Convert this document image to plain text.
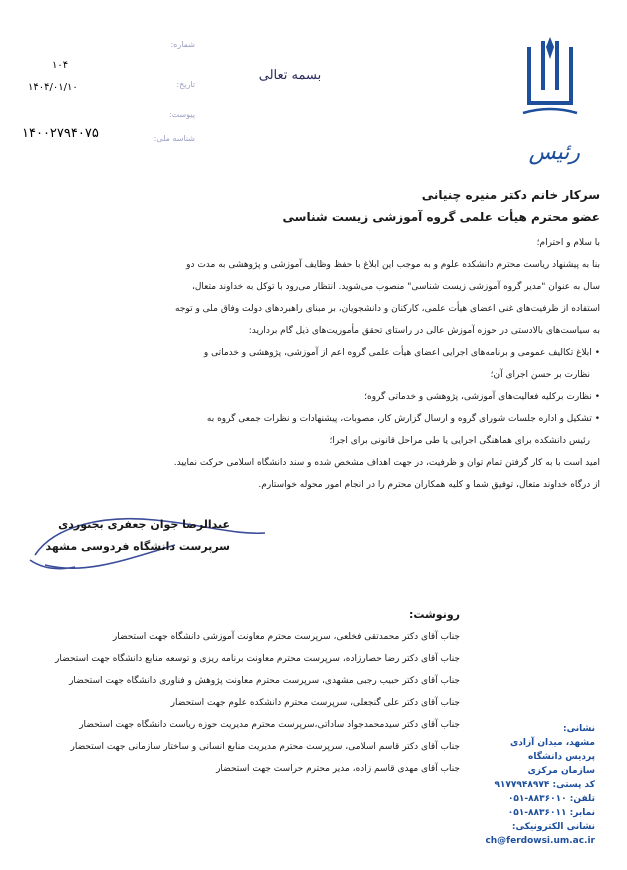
رئیس
بسمه تعالی
شماره:
۱۰۴
تاریخ:
۱۴۰۴/۰۱/۱۰
پیوست:
شناسه ملی:
۱۴۰۰۲۷۹۴۰۷۵
سرکار خانم دکتر منیره چنیانی
عضو محترم هیأت علمی گروه آموزشی زیست شناسی
با سلام و احترام؛
بنا به پیشنهاد ریاست محترم دانشکده علوم و به موجب این ابلاغ با حفظ وظایف آموزشی و پژوهشی به مدت دو
سال به عنوان "مدیر گروه آموزشی زیست شناسی" منصوب می‌شوید. انتظار می‌رود با توکل به خداوند متعال،
استفاده از ظرفیت‌های غنی اعضای هیأت علمی، کارکنان و دانشجویان، بر مبنای راهبردهای دولت وفاق ملی و توجه
به سیاست‌های بالادستی در حوزه آموزش عالی در راستای تحقق مأموریت‌های ذیل گام بردارید:
• ابلاغ تکالیف عمومی و برنامه‌های اجرایی اعضای هیأت علمی گروه اعم از آموزشی، پژوهشی و خدماتی و
نظارت بر حسن اجرای آن؛
• نظارت برکلیه فعالیت‌های آموزشی، پژوهشی و خدماتی گروه؛
• تشکیل و اداره جلسات شورای گروه و ارسال گزارش کار، مصوبات، پیشنهادات و نظرات جمعی گروه به
رئیس دانشکده برای هماهنگی اجرایی یا طی مراحل قانونی برای اجرا؛
امید است با به کار گرفتن تمام توان و ظرفیت، در جهت اهداف مشخص شده و سند دانشگاه اسلامی حرکت نمایید.
از درگاه خداوند متعال، توفیق شما و کلیه همکاران محترم را در انجام امور محوله خواستارم.
عبدالرضا جوان جعفری بجنوردی
سرپرست دانشگاه فردوسی مشهد
رونوشت:
جناب آقای دکتر محمدتقی فخلعی، سرپرست محترم معاونت آموزشی دانشگاه جهت استحضار
جناب آقای دکتر رضا حصارزاده، سرپرست محترم معاونت برنامه ریزی و توسعه منابع دانشگاه جهت استحضار
جناب آقای دکتر حبیب رجبی مشهدی، سرپرست محترم معاونت پژوهش و فناوری دانشگاه جهت استحضار
جناب آقای دکتر علی گنجعلی، سرپرست محترم دانشکده علوم جهت استحضار
جناب آقای دکتر سیدمحمدجواد ساداتی،سرپرست محترم مدیریت حوزه ریاست دانشگاه جهت استحضار
جناب آقای دکتر قاسم اسلامی، سرپرست محترم مدیریت منابع انسانی و ساختار سازمانی جهت استحضار
جناب آقای مهدی قاسم زاده، مدیر محترم حراست جهت استحضار
نشانی:
مشهد، میدان آزادی
پردیس دانشگاه
سازمان مرکزی
کد پستی: ۹۱۷۷۹۴۸۹۷۴
تلفن: ۸۸۳۶۰۱۰-۰۵۱
نمابر: ۸۸۳۶۰۱۱-۰۵۱
نشانی الکترونیکی:
ch@ferdowsi.um.ac.ir
